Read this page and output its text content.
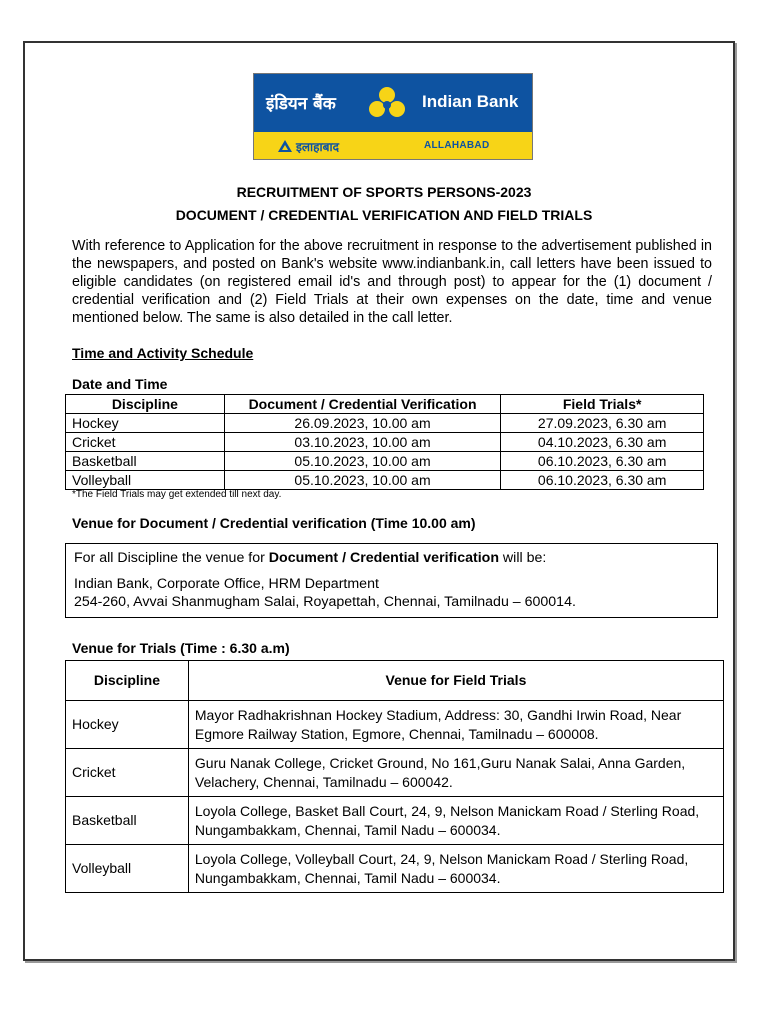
इंडियन बैंक	Indian Bank
इलाहाबाद	ALLAHABAD
RECRUITMENT OF SPORTS PERSONS-2023
DOCUMENT / CREDENTIAL VERIFICATION AND FIELD TRIALS
With reference to Application for the above recruitment in response to the advertisement published in the newspapers, and posted on Bank's website www.indianbank.in, call letters have been issued to eligible candidates (on registered email id's and through post) to appear for the (1) document / credential verification and (2) Field Trials at their own expenses on the date, time and venue mentioned below. The same is also detailed in the call letter.
Time and Activity Schedule
Date and Time
Discipline	Document / Credential Verification	Field Trials*
Hockey	26.09.2023, 10.00 am	27.09.2023, 6.30 am
Cricket	03.10.2023, 10.00 am	04.10.2023, 6.30 am
Basketball	05.10.2023, 10.00 am	06.10.2023, 6.30 am
Volleyball	05.10.2023, 10.00 am	06.10.2023, 6.30 am
*The Field Trials may get extended till next day.
Venue for Document / Credential verification (Time 10.00 am)
For all Discipline the venue for Document / Credential verification will be:
Indian Bank, Corporate Office, HRM Department
254-260, Avvai Shanmugham Salai, Royapettah, Chennai, Tamilnadu – 600014.
Venue for Trials (Time : 6.30 a.m)
Discipline	Venue for Field Trials
Hockey	Mayor Radhakrishnan Hockey Stadium, Address: 30, Gandhi Irwin Road, Near Egmore Railway Station, Egmore, Chennai, Tamilnadu – 600008.
Cricket	Guru Nanak College, Cricket Ground, No 161,Guru Nanak Salai, Anna Garden, Velachery, Chennai, Tamilnadu – 600042.
Basketball	Loyola College, Basket Ball Court, 24, 9, Nelson Manickam Road / Sterling Road, Nungambakkam, Chennai, Tamil Nadu – 600034.
Volleyball	Loyola College, Volleyball Court, 24, 9, Nelson Manickam Road / Sterling Road, Nungambakkam, Chennai, Tamil Nadu – 600034.
